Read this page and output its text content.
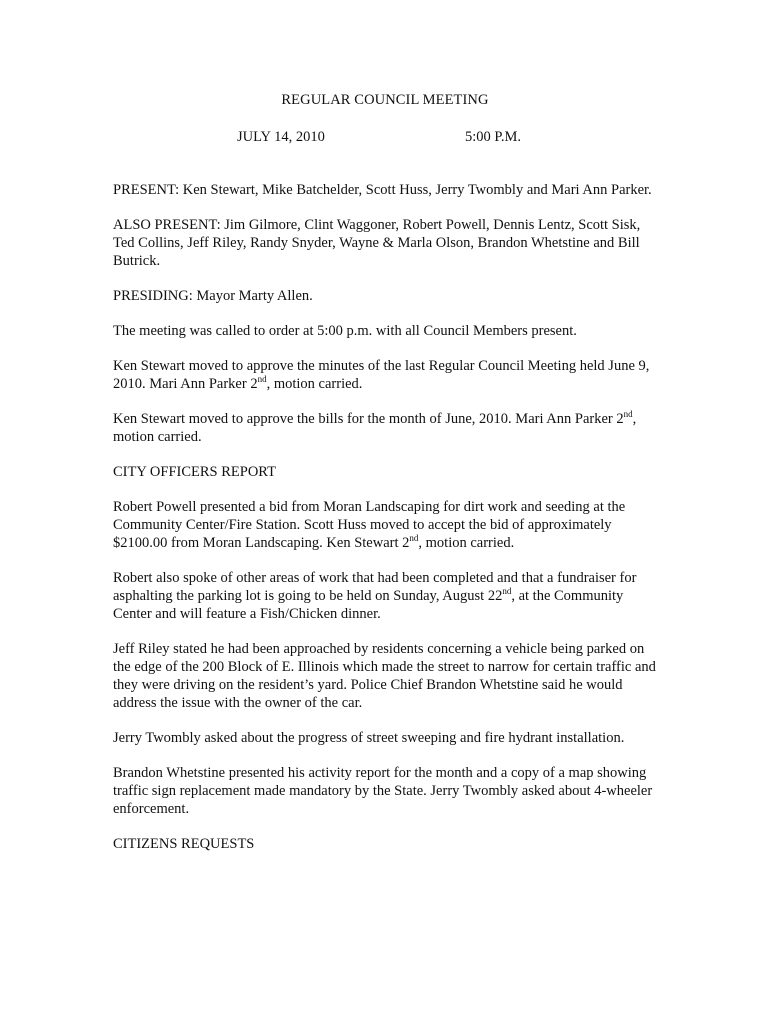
REGULAR COUNCIL MEETING
JULY 14, 2010	5:00 P.M.

PRESENT: Ken Stewart, Mike Batchelder, Scott Huss, Jerry Twombly and Mari Ann Parker.

ALSO PRESENT: Jim Gilmore, Clint Waggoner, Robert Powell, Dennis Lentz, Scott Sisk, Ted Collins, Jeff Riley, Randy Snyder, Wayne & Marla Olson, Brandon Whetstine and Bill Butrick.

PRESIDING: Mayor Marty Allen.

The meeting was called to order at 5:00 p.m. with all Council Members present.

Ken Stewart moved to approve the minutes of the last Regular Council Meeting held June 9, 2010. Mari Ann Parker 2nd, motion carried.

Ken Stewart moved to approve the bills for the month of June, 2010. Mari Ann Parker 2nd, motion carried.

CITY OFFICERS REPORT

Robert Powell presented a bid from Moran Landscaping for dirt work and seeding at the Community Center/Fire Station. Scott Huss moved to accept the bid of approximately $2100.00 from Moran Landscaping. Ken Stewart 2nd, motion carried.

Robert also spoke of other areas of work that had been completed and that a fundraiser for asphalting the parking lot is going to be held on Sunday, August 22nd, at the Community Center and will feature a Fish/Chicken dinner.

Jeff Riley stated he had been approached by residents concerning a vehicle being parked on the edge of the 200 Block of E. Illinois which made the street to narrow for certain traffic and they were driving on the resident’s yard. Police Chief Brandon Whetstine said he would address the issue with the owner of the car.

Jerry Twombly asked about the progress of street sweeping and fire hydrant installation.

Brandon Whetstine presented his activity report for the month and a copy of a map showing traffic sign replacement made mandatory by the State. Jerry Twombly asked about 4-wheeler enforcement.

CITIZENS REQUESTS
